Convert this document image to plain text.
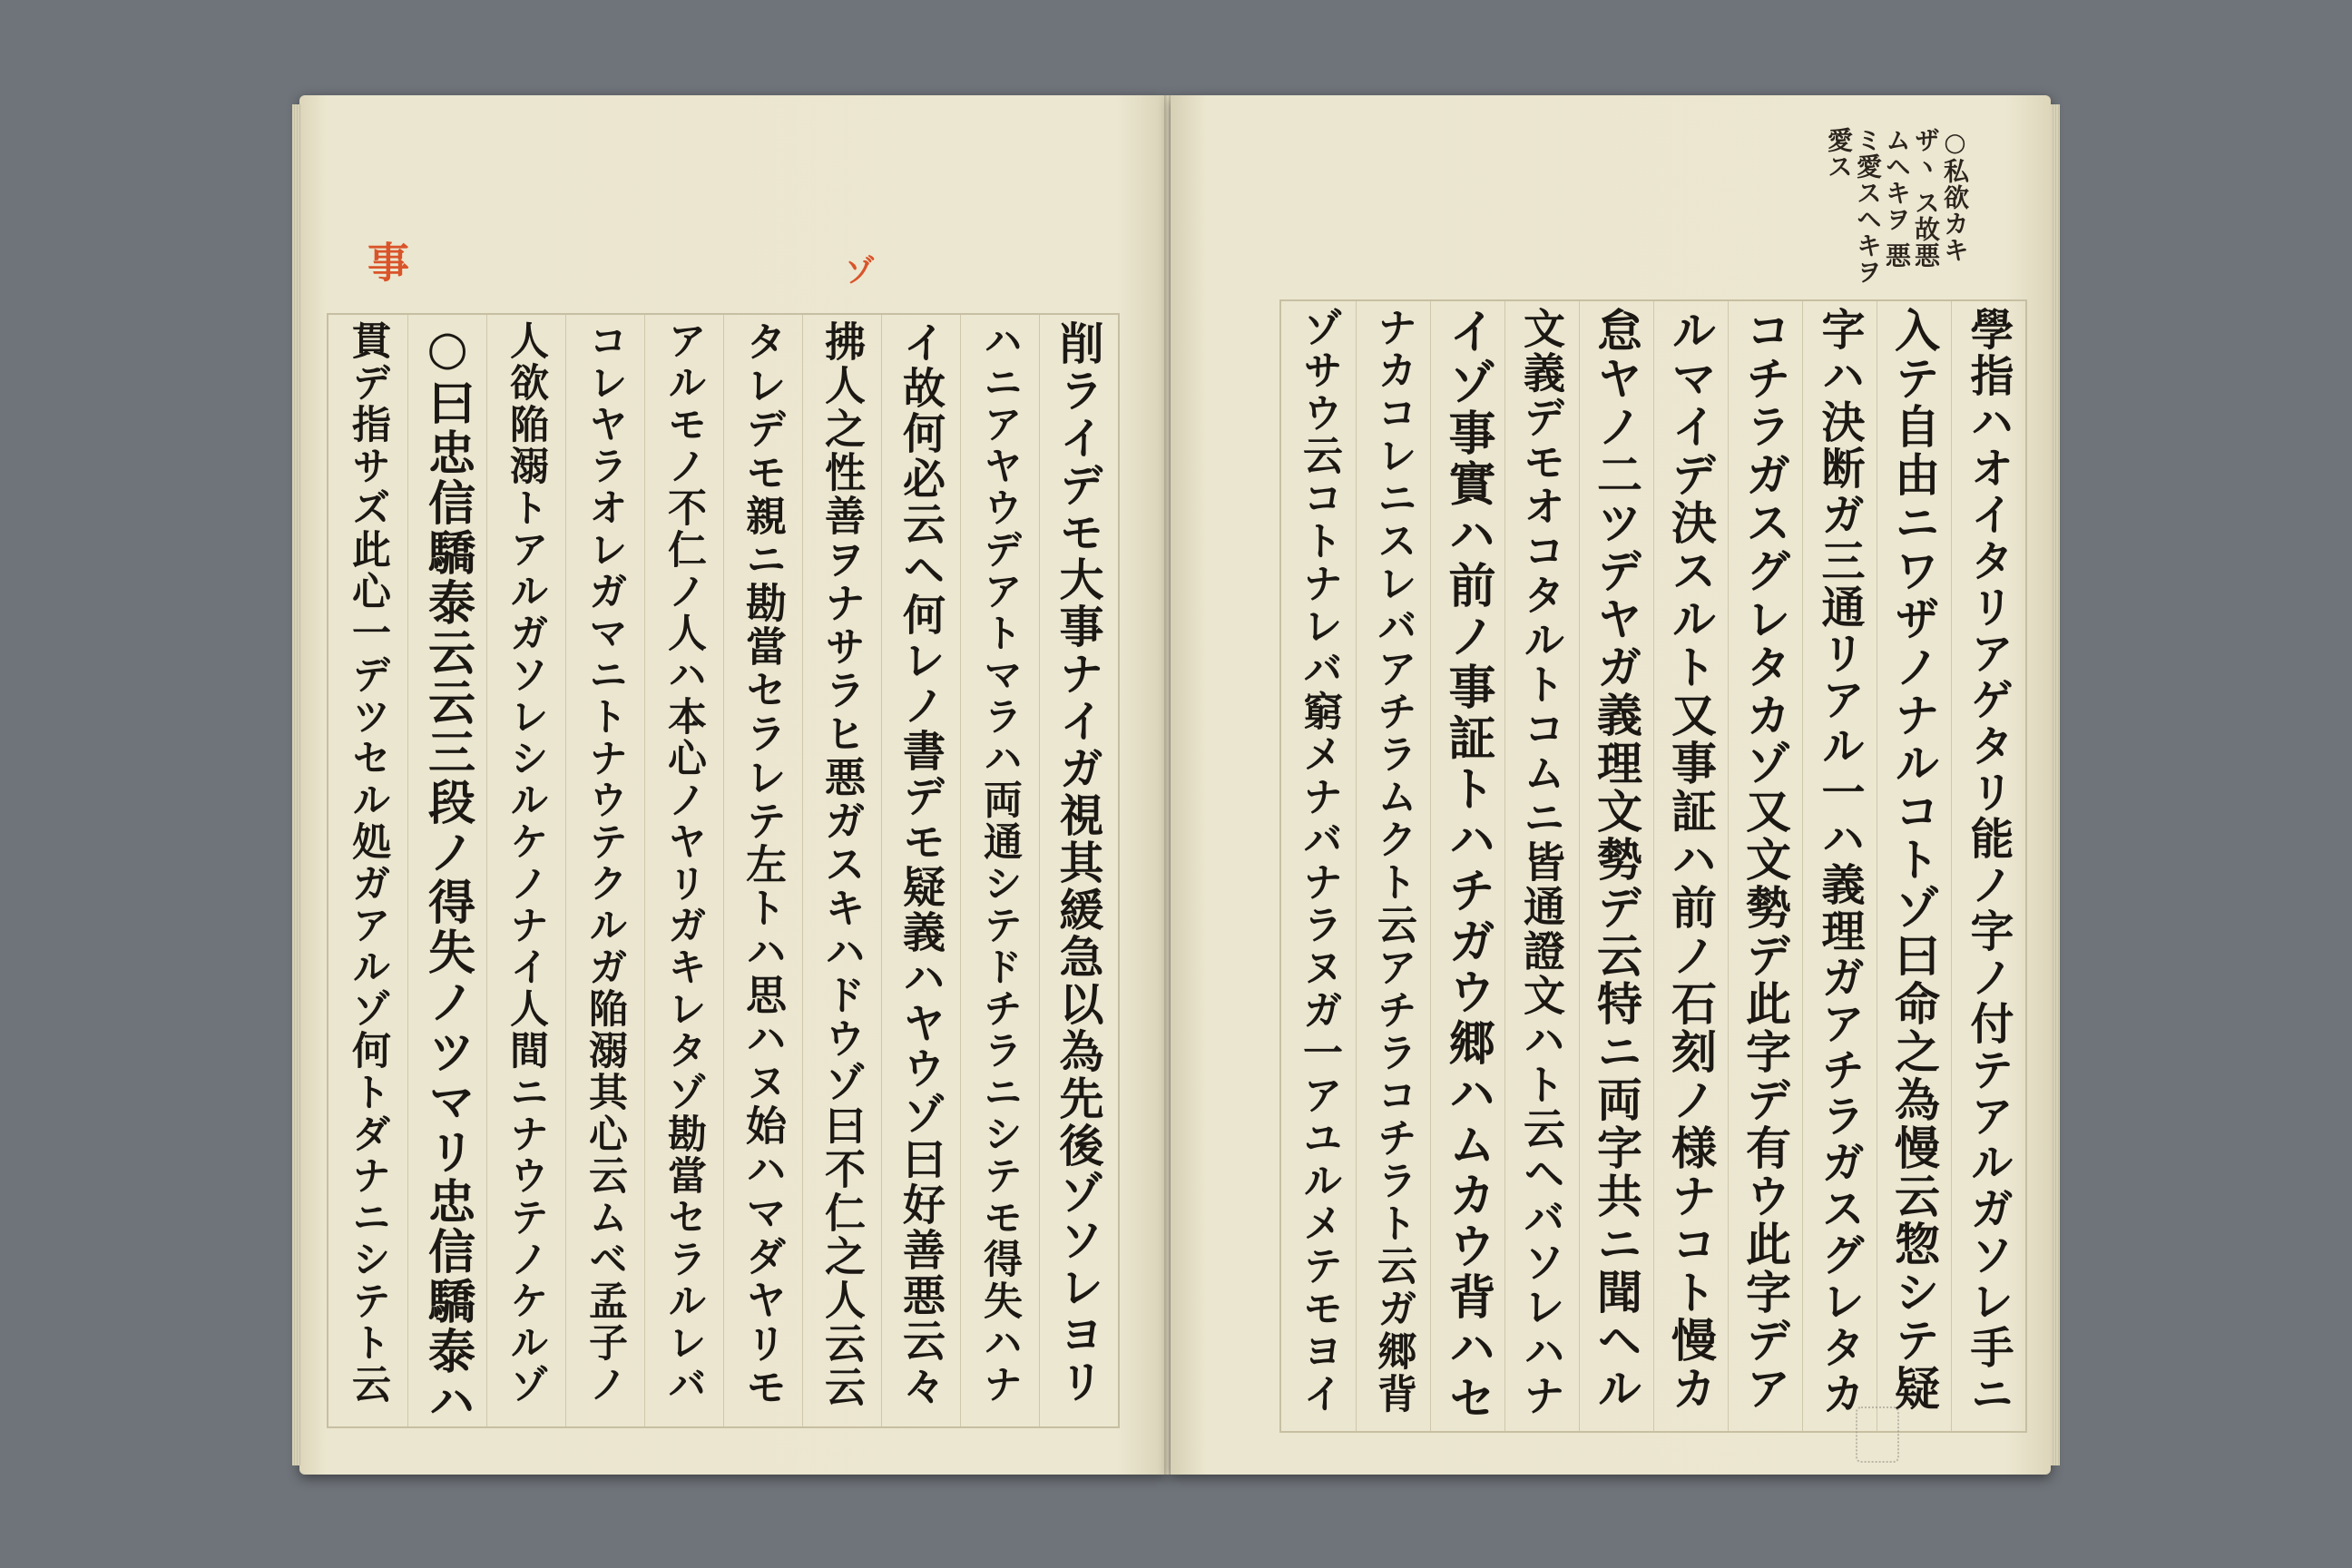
事	ゾ
削ライデモ大事ナイガ視其緩急以為先後ゾソレヨリ
ハニアヤウデアトマラハ両通シテドチラニシテモ得失ハナ
イ故何必云ヘ何レノ書デモ疑義ハヤウゾ曰好善悪云々
拂人之性善ヲナサラヒ悪ガスキハドウゾ曰不仁之人云云
タレデモ親ニ勘當セラレテ左トハ思ハヌ始ハマダヤリモ
アルモノ不仁ノ人ハ本心ノヤリガキレタゾ勘當セラルレバ
コレヤラオレガマニトナウテクルガ陥溺其心云ムベ孟子ノ
人欲陥溺トアルガソレシルケノナイ人間ニナウテノケルゾ
○曰忠信驕泰云云三段ノ得失ノツマリ忠信驕泰ハ
貫デ指サズ此心一デツセル処ガアルゾ何トダナニシテト云
○私欲カキザヽ ス故悪ムヘキヲ 悪ミ愛スヘキヲ 愛ス
學指ハオイタリアゲタリ能ノ字ノ付テアルガソレ手ニ
入テ自由ニワザノナルコトゾ曰命之為慢云惣シテ疑
字ハ決断ガ三通リアル一ハ義理ガアチラガスグレタカ
コチラガスグレタカゾ又文勢デ此字デ有ウ此字デア
ルマイデ決スルト又事証ハ前ノ石刻ノ様ナコト慢カ
怠ヤノ二ツデヤガ義理文勢デ云特ニ両字共ニ聞ヘル
文義デモオコタルトコムニ皆通證文ハト云ヘバソレハナ
イゾ事實ハ前ノ事証トハチガウ郷ハムカウ背ハセ
ナカコレニスレバアチラムクト云アチラコチラト云ガ郷背
ゾサウ云コトナレバ窮メナバナラヌガ一アユルメテモヨイ
